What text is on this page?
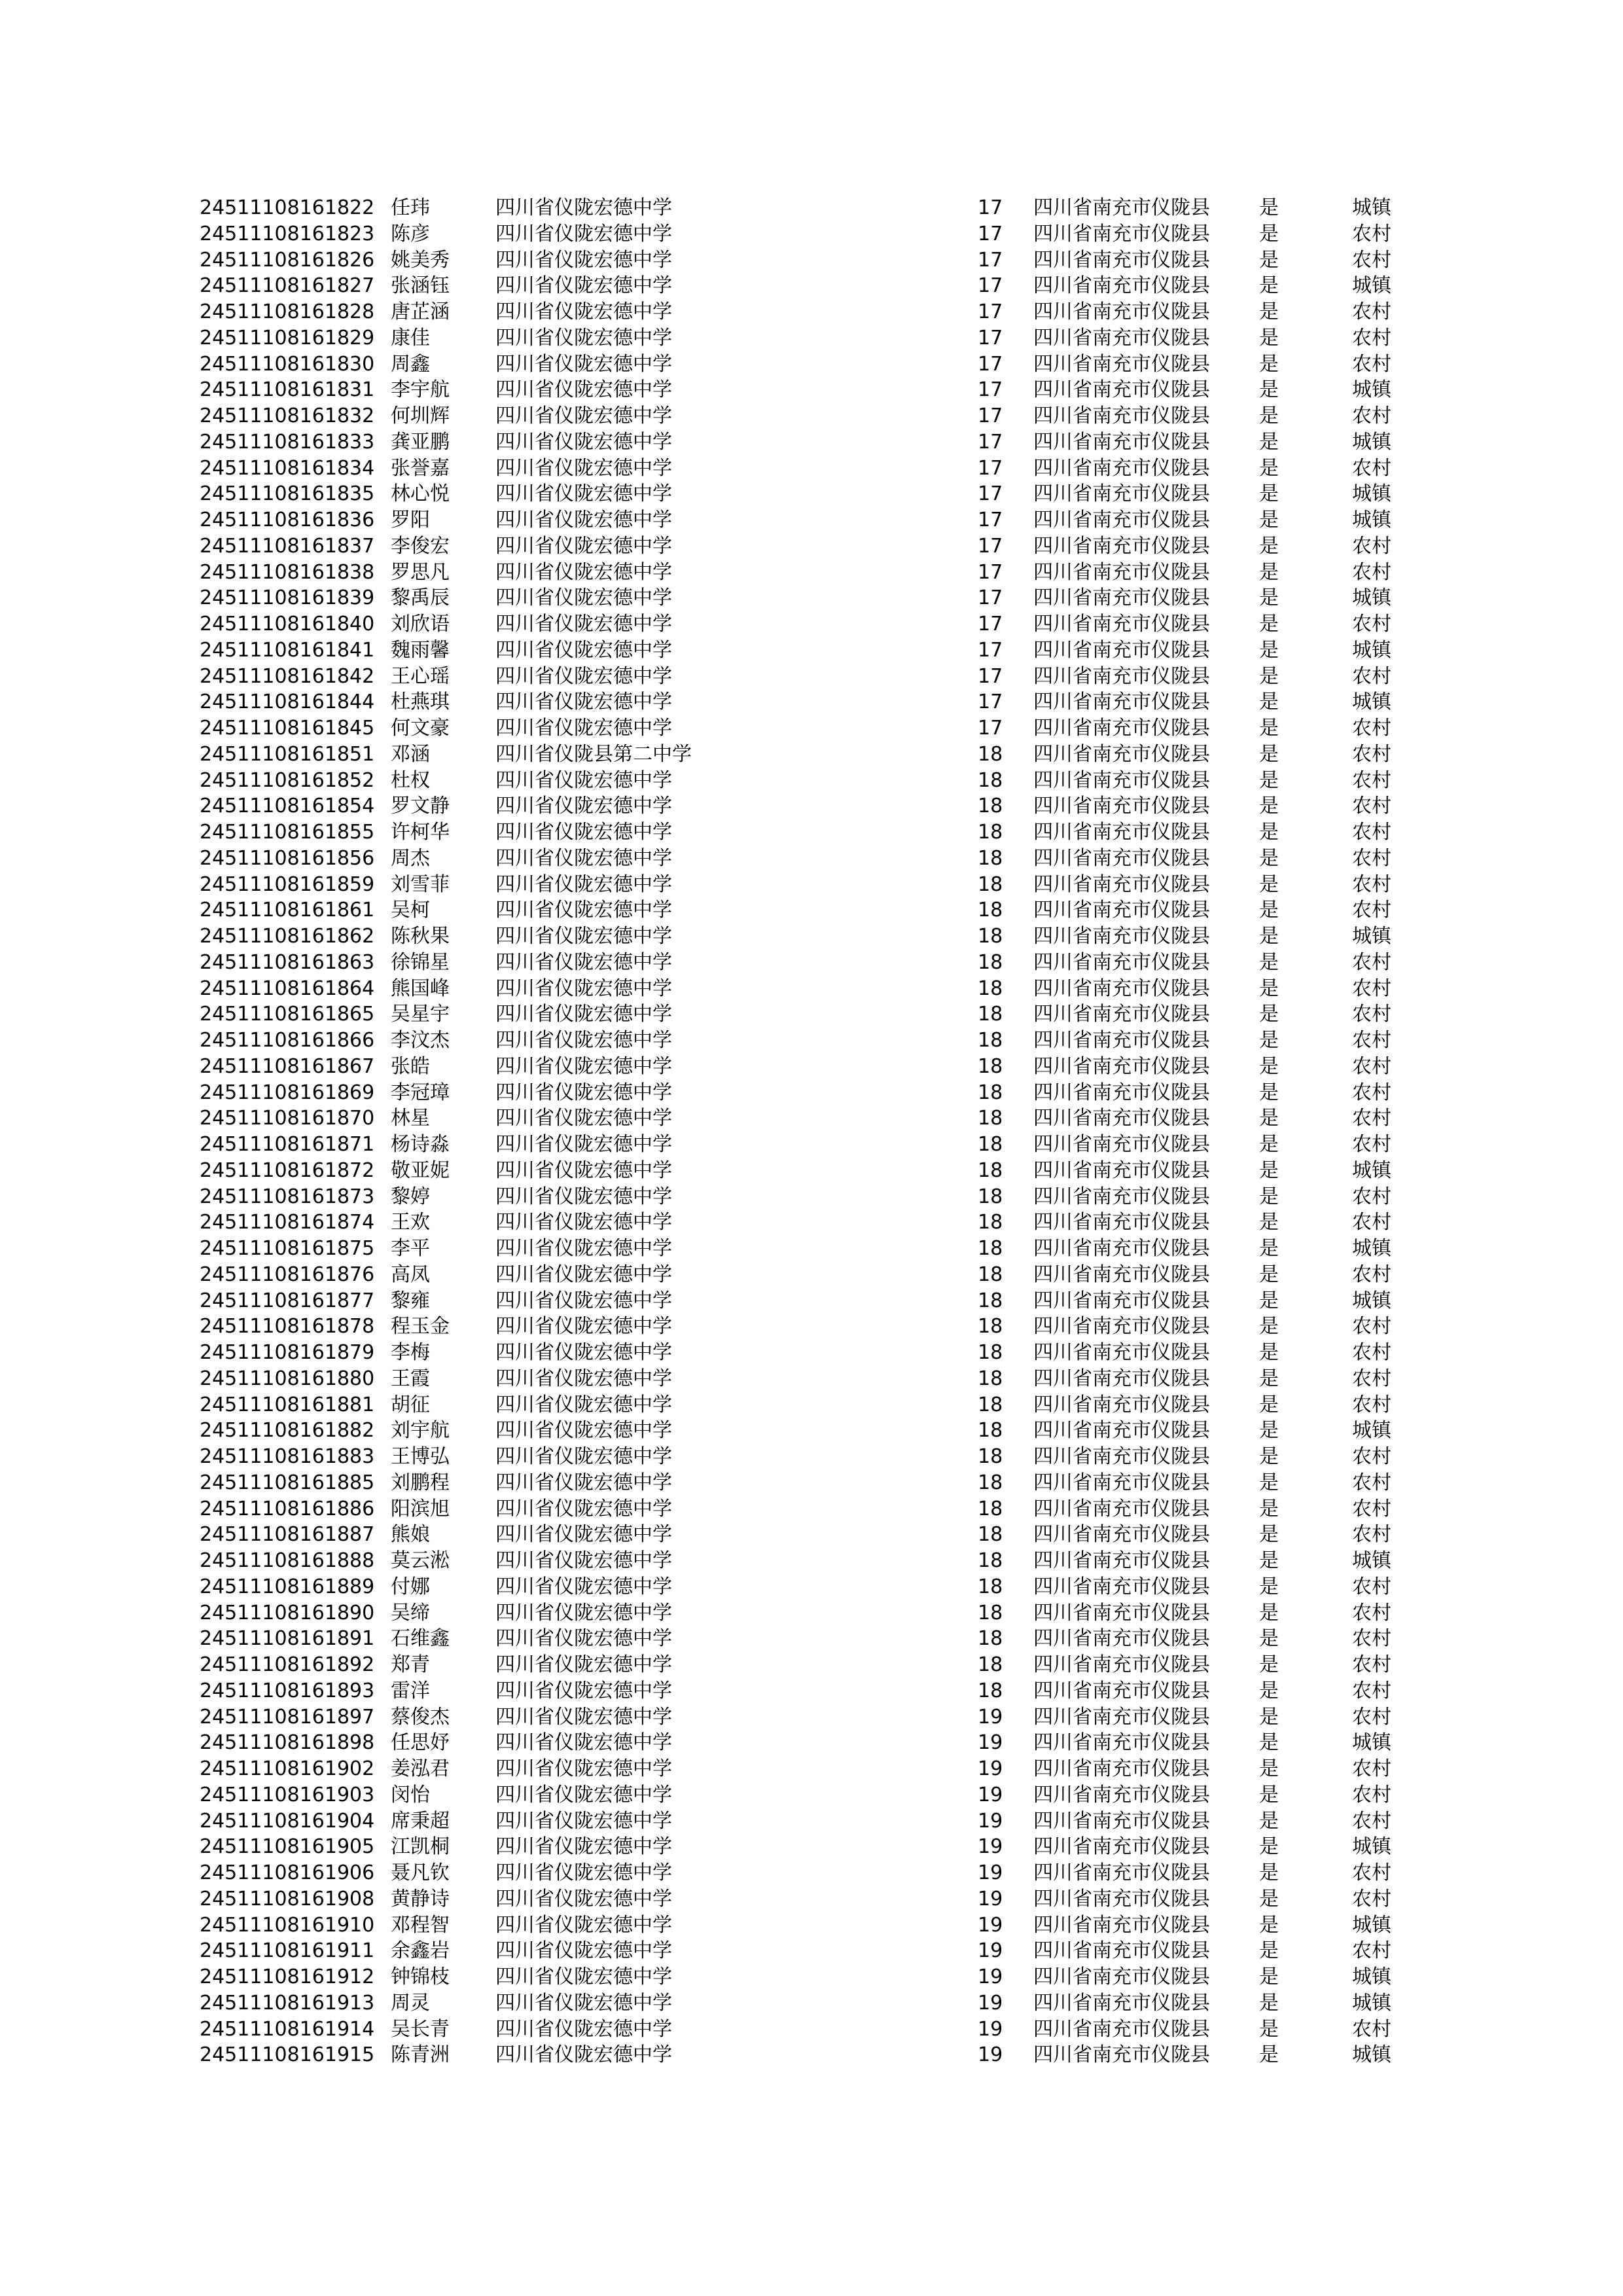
24511108161822	任玮	四川省仪陇宏德中学	17	四川省南充市仪陇县	是	城镇
24511108161823	陈彦	四川省仪陇宏德中学	17	四川省南充市仪陇县	是	农村
24511108161826	姚美秀	四川省仪陇宏德中学	17	四川省南充市仪陇县	是	农村
24511108161827	张涵钰	四川省仪陇宏德中学	17	四川省南充市仪陇县	是	城镇
24511108161828	唐芷涵	四川省仪陇宏德中学	17	四川省南充市仪陇县	是	农村
24511108161829	康佳	四川省仪陇宏德中学	17	四川省南充市仪陇县	是	农村
24511108161830	周鑫	四川省仪陇宏德中学	17	四川省南充市仪陇县	是	农村
24511108161831	李宇航	四川省仪陇宏德中学	17	四川省南充市仪陇县	是	城镇
24511108161832	何圳辉	四川省仪陇宏德中学	17	四川省南充市仪陇县	是	农村
24511108161833	龚亚鹏	四川省仪陇宏德中学	17	四川省南充市仪陇县	是	城镇
24511108161834	张誉嘉	四川省仪陇宏德中学	17	四川省南充市仪陇县	是	农村
24511108161835	林心悦	四川省仪陇宏德中学	17	四川省南充市仪陇县	是	城镇
24511108161836	罗阳	四川省仪陇宏德中学	17	四川省南充市仪陇县	是	城镇
24511108161837	李俊宏	四川省仪陇宏德中学	17	四川省南充市仪陇县	是	农村
24511108161838	罗思凡	四川省仪陇宏德中学	17	四川省南充市仪陇县	是	农村
24511108161839	黎禹辰	四川省仪陇宏德中学	17	四川省南充市仪陇县	是	城镇
24511108161840	刘欣语	四川省仪陇宏德中学	17	四川省南充市仪陇县	是	农村
24511108161841	魏雨馨	四川省仪陇宏德中学	17	四川省南充市仪陇县	是	城镇
24511108161842	王心瑶	四川省仪陇宏德中学	17	四川省南充市仪陇县	是	农村
24511108161844	杜燕琪	四川省仪陇宏德中学	17	四川省南充市仪陇县	是	城镇
24511108161845	何文豪	四川省仪陇宏德中学	17	四川省南充市仪陇县	是	农村
24511108161851	邓涵	四川省仪陇县第二中学	18	四川省南充市仪陇县	是	农村
24511108161852	杜权	四川省仪陇宏德中学	18	四川省南充市仪陇县	是	农村
24511108161854	罗文静	四川省仪陇宏德中学	18	四川省南充市仪陇县	是	农村
24511108161855	许柯华	四川省仪陇宏德中学	18	四川省南充市仪陇县	是	农村
24511108161856	周杰	四川省仪陇宏德中学	18	四川省南充市仪陇县	是	农村
24511108161859	刘雪菲	四川省仪陇宏德中学	18	四川省南充市仪陇县	是	农村
24511108161861	吴柯	四川省仪陇宏德中学	18	四川省南充市仪陇县	是	农村
24511108161862	陈秋果	四川省仪陇宏德中学	18	四川省南充市仪陇县	是	城镇
24511108161863	徐锦星	四川省仪陇宏德中学	18	四川省南充市仪陇县	是	农村
24511108161864	熊国峰	四川省仪陇宏德中学	18	四川省南充市仪陇县	是	农村
24511108161865	吴星宇	四川省仪陇宏德中学	18	四川省南充市仪陇县	是	农村
24511108161866	李汶杰	四川省仪陇宏德中学	18	四川省南充市仪陇县	是	农村
24511108161867	张皓	四川省仪陇宏德中学	18	四川省南充市仪陇县	是	农村
24511108161869	李冠璋	四川省仪陇宏德中学	18	四川省南充市仪陇县	是	农村
24511108161870	林星	四川省仪陇宏德中学	18	四川省南充市仪陇县	是	农村
24511108161871	杨诗淼	四川省仪陇宏德中学	18	四川省南充市仪陇县	是	农村
24511108161872	敬亚妮	四川省仪陇宏德中学	18	四川省南充市仪陇县	是	城镇
24511108161873	黎婷	四川省仪陇宏德中学	18	四川省南充市仪陇县	是	农村
24511108161874	王欢	四川省仪陇宏德中学	18	四川省南充市仪陇县	是	农村
24511108161875	李平	四川省仪陇宏德中学	18	四川省南充市仪陇县	是	城镇
24511108161876	高凤	四川省仪陇宏德中学	18	四川省南充市仪陇县	是	农村
24511108161877	黎雍	四川省仪陇宏德中学	18	四川省南充市仪陇县	是	城镇
24511108161878	程玉金	四川省仪陇宏德中学	18	四川省南充市仪陇县	是	农村
24511108161879	李梅	四川省仪陇宏德中学	18	四川省南充市仪陇县	是	农村
24511108161880	王霞	四川省仪陇宏德中学	18	四川省南充市仪陇县	是	农村
24511108161881	胡征	四川省仪陇宏德中学	18	四川省南充市仪陇县	是	农村
24511108161882	刘宇航	四川省仪陇宏德中学	18	四川省南充市仪陇县	是	城镇
24511108161883	王博弘	四川省仪陇宏德中学	18	四川省南充市仪陇县	是	农村
24511108161885	刘鹏程	四川省仪陇宏德中学	18	四川省南充市仪陇县	是	农村
24511108161886	阳滨旭	四川省仪陇宏德中学	18	四川省南充市仪陇县	是	农村
24511108161887	熊娘	四川省仪陇宏德中学	18	四川省南充市仪陇县	是	农村
24511108161888	莫云淞	四川省仪陇宏德中学	18	四川省南充市仪陇县	是	城镇
24511108161889	付娜	四川省仪陇宏德中学	18	四川省南充市仪陇县	是	农村
24511108161890	吴缔	四川省仪陇宏德中学	18	四川省南充市仪陇县	是	农村
24511108161891	石维鑫	四川省仪陇宏德中学	18	四川省南充市仪陇县	是	农村
24511108161892	郑青	四川省仪陇宏德中学	18	四川省南充市仪陇县	是	农村
24511108161893	雷洋	四川省仪陇宏德中学	18	四川省南充市仪陇县	是	农村
24511108161897	蔡俊杰	四川省仪陇宏德中学	19	四川省南充市仪陇县	是	农村
24511108161898	任思妤	四川省仪陇宏德中学	19	四川省南充市仪陇县	是	城镇
24511108161902	姜泓君	四川省仪陇宏德中学	19	四川省南充市仪陇县	是	农村
24511108161903	闵怡	四川省仪陇宏德中学	19	四川省南充市仪陇县	是	农村
24511108161904	席秉超	四川省仪陇宏德中学	19	四川省南充市仪陇县	是	农村
24511108161905	江凯桐	四川省仪陇宏德中学	19	四川省南充市仪陇县	是	城镇
24511108161906	聂凡钦	四川省仪陇宏德中学	19	四川省南充市仪陇县	是	农村
24511108161908	黄静诗	四川省仪陇宏德中学	19	四川省南充市仪陇县	是	农村
24511108161910	邓程智	四川省仪陇宏德中学	19	四川省南充市仪陇县	是	城镇
24511108161911	余鑫岩	四川省仪陇宏德中学	19	四川省南充市仪陇县	是	农村
24511108161912	钟锦枝	四川省仪陇宏德中学	19	四川省南充市仪陇县	是	城镇
24511108161913	周灵	四川省仪陇宏德中学	19	四川省南充市仪陇县	是	城镇
24511108161914	吴长青	四川省仪陇宏德中学	19	四川省南充市仪陇县	是	农村
24511108161915	陈青洲	四川省仪陇宏德中学	19	四川省南充市仪陇县	是	城镇
